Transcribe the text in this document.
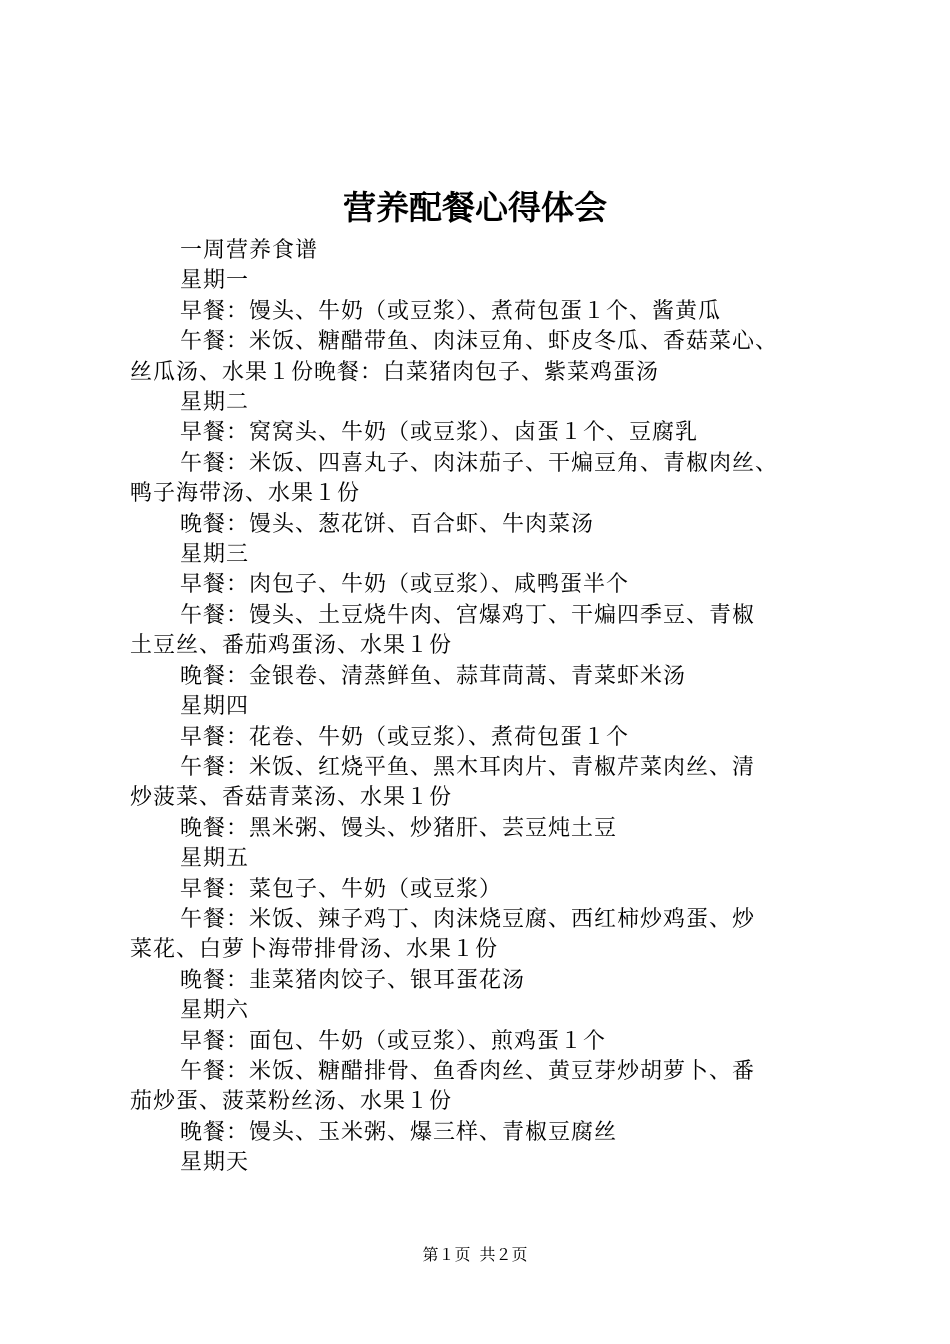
营养配餐心得体会

一周营养食谱

星期一

早餐：馒头、牛奶（或豆浆）、煮荷包蛋１个、酱黄瓜

午餐：米饭、糖醋带鱼、肉沫豆角、虾皮冬瓜、香菇菜心、
丝瓜汤、水果１份晚餐：白菜猪肉包子、紫菜鸡蛋汤

星期二

早餐：窝窝头、牛奶（或豆浆）、卤蛋１个、豆腐乳

午餐：米饭、四喜丸子、肉沫茄子、干煸豆角、青椒肉丝、
鸭子海带汤、水果１份

晚餐：馒头、葱花饼、百合虾、牛肉菜汤

星期三

早餐：肉包子、牛奶（或豆浆）、咸鸭蛋半个

午餐：馒头、土豆烧牛肉、宫爆鸡丁、干煸四季豆、青椒
土豆丝、番茄鸡蛋汤、水果１份

晚餐：金银卷、清蒸鲜鱼、蒜茸茼蒿、青菜虾米汤

星期四

早餐：花卷、牛奶（或豆浆）、煮荷包蛋１个

午餐：米饭、红烧平鱼、黑木耳肉片、青椒芹菜肉丝、清
炒菠菜、香菇青菜汤、水果１份

晚餐：黑米粥、馒头、炒猪肝、芸豆炖土豆

星期五

早餐：菜包子、牛奶（或豆浆）

午餐：米饭、辣子鸡丁、肉沫烧豆腐、西红柿炒鸡蛋、炒
菜花、白萝卜海带排骨汤、水果１份

晚餐：韭菜猪肉饺子、银耳蛋花汤

星期六

早餐：面包、牛奶（或豆浆）、煎鸡蛋１个

午餐：米饭、糖醋排骨、鱼香肉丝、黄豆芽炒胡萝卜、番
茄炒蛋、菠菜粉丝汤、水果１份

晚餐：馒头、玉米粥、爆三样、青椒豆腐丝

星期天

第１页 共２页
